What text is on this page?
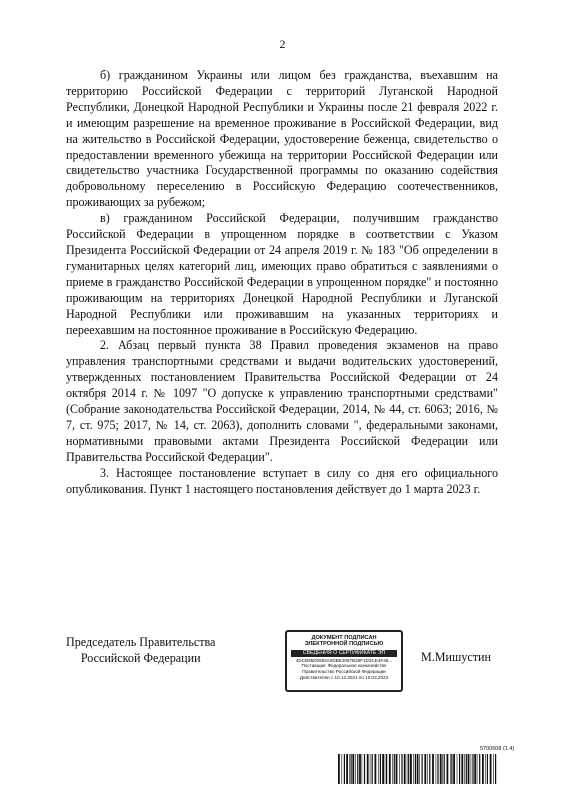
2

б) гражданином Украины или лицом без гражданства, въехавшим на территорию Российской Федерации с территорий Луганской Народной Республики, Донецкой Народной Республики и Украины после 21 февраля 2022 г. и имеющим разрешение на временное проживание в Российской Федерации, вид на жительство в Российской Федерации, удостоверение беженца, свидетельство о предоставлении временного убежища на территории Российской Федерации или свидетельство участника Государственной программы по оказанию содействия добровольному переселению в Российскую Федерацию соотечественников, проживающих за рубежом;

в) гражданином Российской Федерации, получившим гражданство Российской Федерации в упрощенном порядке в соответствии с Указом Президента Российской Федерации от 24 апреля 2019 г. № 183 "Об определении в гуманитарных целях категорий лиц, имеющих право обратиться с заявлениями о приеме в гражданство Российской Федерации в упрощенном порядке" и постоянно проживающим на территориях Донецкой Народной Республики и Луганской Народной Республики или проживавшим на указанных территориях и переехавшим на постоянное проживание в Российскую Федерацию.

2. Абзац первый пункта 38 Правил проведения экзаменов на право управления транспортными средствами и выдачи водительских удостоверений, утвержденных постановлением Правительства Российской Федерации от 24 октября 2014 г. № 1097 "О допуске к управлению транспортными средствами" (Собрание законодательства Российской Федерации, 2014, № 44, ст. 6063; 2016, № 7, ст. 975; 2017, № 14, ст. 2063), дополнить словами ", федеральными законами, нормативными правовыми актами Президента Российской Федерации или Правительства Российской Федерации".

3. Настоящее постановление вступает в силу со дня его официального опубликования. Пункт 1 настоящего постановления действует до 1 марта 2023 г.

Председатель Правительства
Российской Федерации
ДОКУМЕНТ ПОДПИСАН
ЭЛЕКТРОННОЙ ПОДПИСЬЮ
СВЕДЕНИЯ О СЕРТИФИКАТЕ ЭП
4DCB95D0582A6DBE3067B28F1D3CE4F48...
Поставщик: Федеральное казначейство
Правительство Российской Федерации
Действителен с 10.12.2021 по 10.03.2023
М.Мишустин
5700508 (1.4)
